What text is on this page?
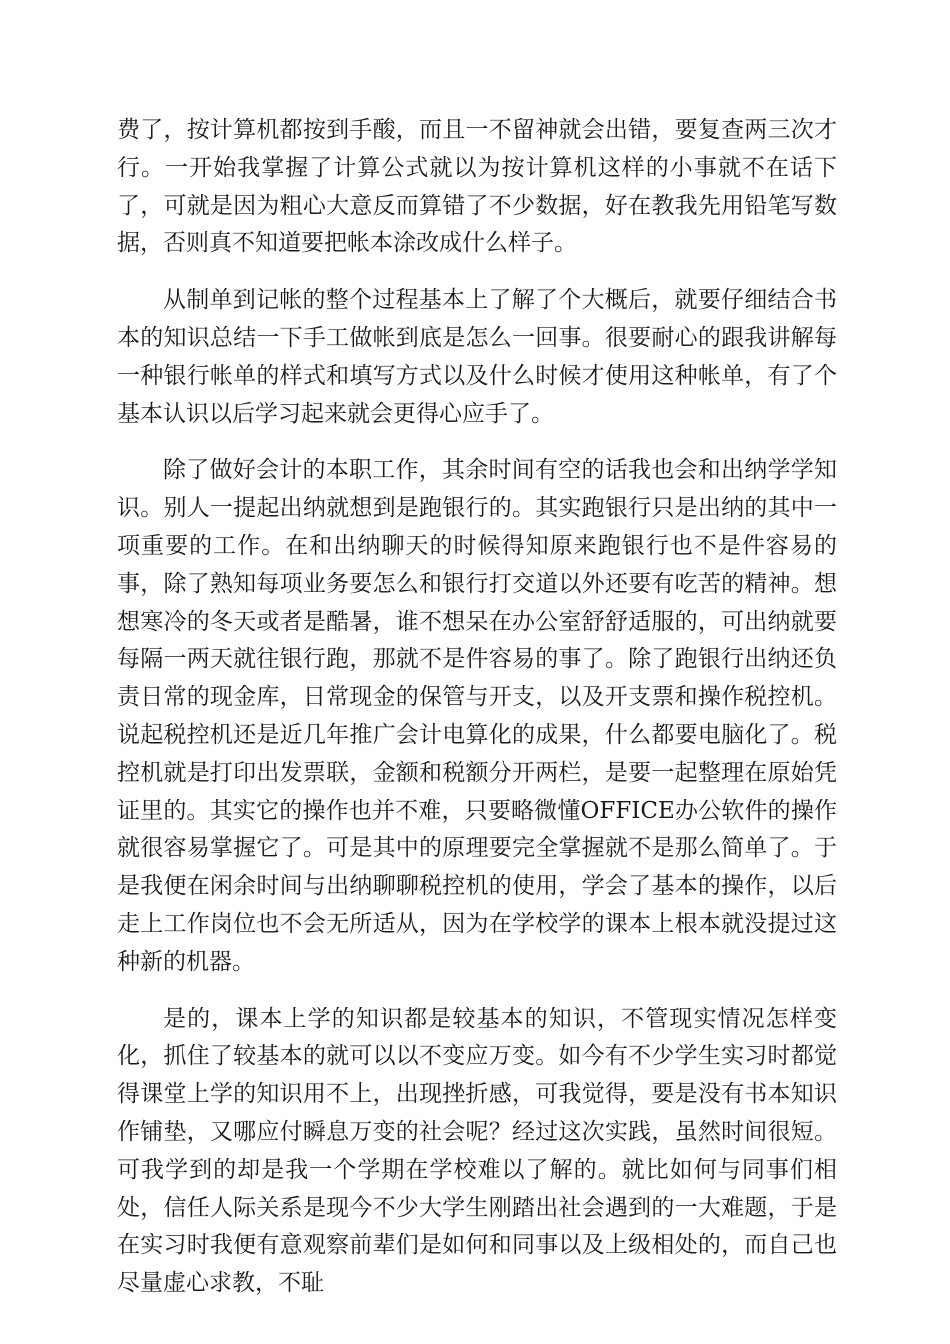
费了，按计算机都按到手酸，而且一不留神就会出错，要复查两三次才行。一开始我掌握了计算公式就以为按计算机这样的小事就不在话下了，可就是因为粗心大意反而算错了不少数据，好在教我先用铅笔写数据，否则真不知道要把帐本涂改成什么样子。

从制单到记帐的整个过程基本上了解了个大概后，就要仔细结合书本的知识总结一下手工做帐到底是怎么一回事。很要耐心的跟我讲解每一种银行帐单的样式和填写方式以及什么时候才使用这种帐单，有了个基本认识以后学习起来就会更得心应手了。

除了做好会计的本职工作，其余时间有空的话我也会和出纳学学知识。别人一提起出纳就想到是跑银行的。其实跑银行只是出纳的其中一项重要的工作。在和出纳聊天的时候得知原来跑银行也不是件容易的事，除了熟知每项业务要怎么和银行打交道以外还要有吃苦的精神。想想寒冷的冬天或者是酷暑，谁不想呆在办公室舒舒适服的，可出纳就要每隔一两天就往银行跑，那就不是件容易的事了。除了跑银行出纳还负责日常的现金库，日常现金的保管与开支，以及开支票和操作税控机。说起税控机还是近几年推广会计电算化的成果，什么都要电脑化了。税控机就是打印出发票联，金额和税额分开两栏，是要一起整理在原始凭证里的。其实它的操作也并不难，只要略微懂OFFICE办公软件的操作就很容易掌握它了。可是其中的原理要完全掌握就不是那么简单了。于是我便在闲余时间与出纳聊聊税控机的使用，学会了基本的操作，以后走上工作岗位也不会无所适从，因为在学校学的课本上根本就没提过这种新的机器。

是的，课本上学的知识都是较基本的知识，不管现实情况怎样变化，抓住了较基本的就可以以不变应万变。如今有不少学生实习时都觉得课堂上学的知识用不上，出现挫折感，可我觉得，要是没有书本知识作铺垫，又哪应付瞬息万变的社会呢？经过这次实践，虽然时间很短。可我学到的却是我一个学期在学校难以了解的。就比如何与同事们相处，信任人际关系是现今不少大学生刚踏出社会遇到的一大难题，于是在实习时我便有意观察前辈们是如何和同事以及上级相处的，而自己也尽量虚心求教，不耻
